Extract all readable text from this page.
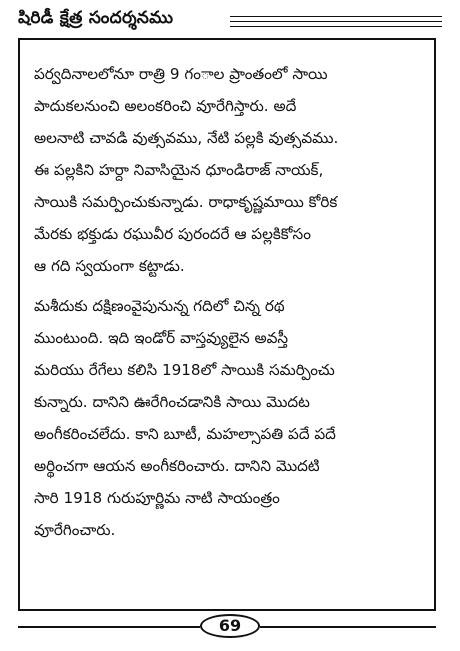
షిరిడీ క్షేత్ర సందర్శనము
పర్వదినాలలోనూ రాత్రి 9 గంాల ప్రాంతంలో సాయి
పాదుకలనుంచి అలంకరించి వూరేగిస్తారు. అదే
అలనాటి చావడి వుత్సవము, నేటి పల్లకి వుత్సవము.
ఈ పల్లకిని హర్దా నివాసియైన ధూండిరాజ్ నాయక్,
సాయికి సమర్పించుకున్నాడు. రాధాకృష్ణమాయి కోరిక
మేరకు భక్తుడు రఘువీర పురందరే ఆ పల్లకికోసం
ఆ గది స్వయంగా కట్టాడు.
మశీదుకు దక్షిణంవైపునున్న గదిలో చిన్న రథ
ముంటుంది. ఇది ఇండోర్ వాస్తవ్యులైన అవస్తీ
మరియు రేగేలు కలిసి 1918లో సాయికి సమర్పించు
కున్నారు. దానిని ఊరేగించడానికి సాయి మొదట
అంగీకరించలేదు. కాని బూటీ, మహల్సాపతి పదే పదే
అర్థించగా ఆయన అంగీకరించారు. దానిని మొదటి
సారి 1918 గురుపూర్ణిమ నాటి సాయంత్రం
వూరేగించారు.
69
